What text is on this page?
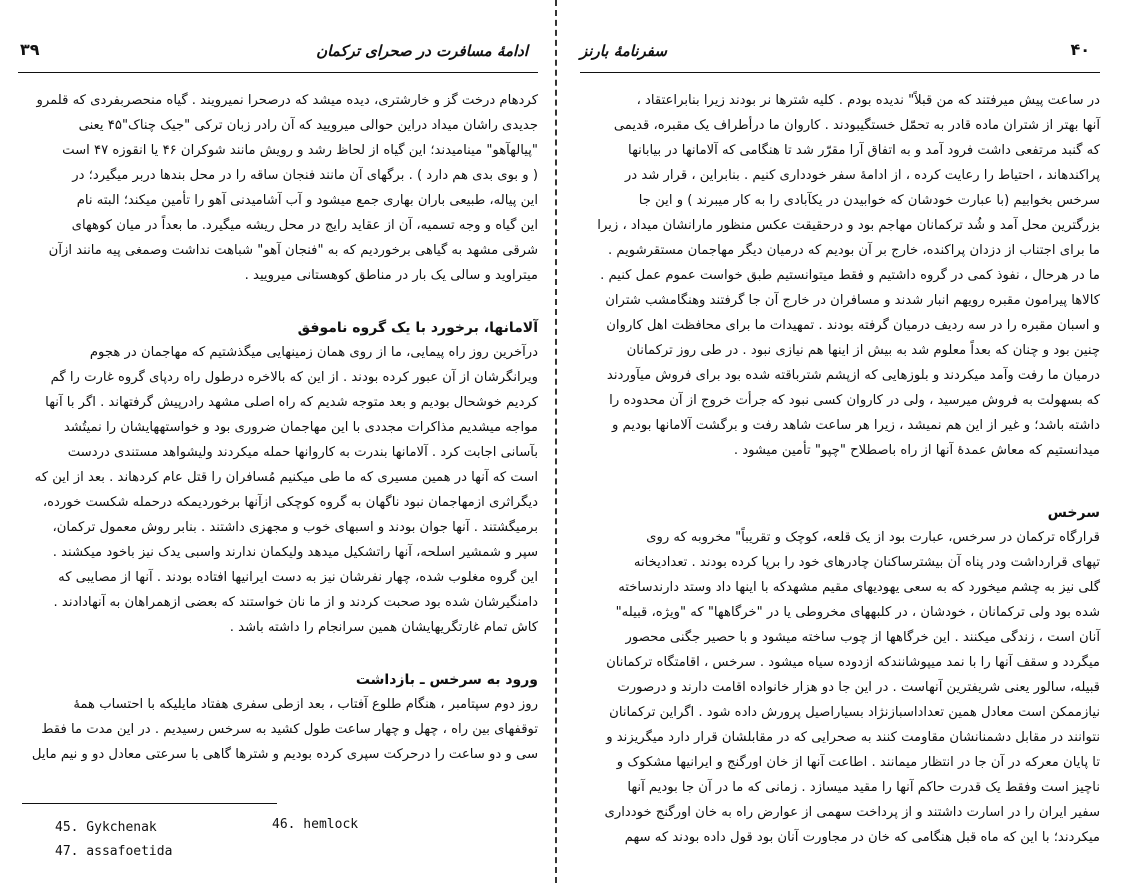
۳۹	ادامهٔ مسافرت در صحرای ترکمان

کردهام درخت گز و خارشتری، دیده میشد که درصحرا نمیرویند . گیاه منحصربفردی که قلمرو

جدیدی راشان میداد دراین حوالی میرویید که آن رادر زبان ترکی "جیک چناک"۴۵ یعنی

"پیالهآهو" مینامیدند؛ این گیاه از لحاظ رشد و رویش مانند شوکران ۴۶ یا انقوزه ۴۷ است

( و بوی بدی هم دارد ) . برگهای آن مانند فنجان ساقه را در محل بندها دربر میگیرد؛ در

این پیاله، طبیعی باران بهاری جمع میشود و آب آشامیدنی آهو را تأمین میکند؛ البته نام

این گیاه و وجه تسمیه، آن از عقاید رایج در محل ریشه میگیرد. ما بعداً در میان کوههای

شرقی مشهد به گیاهی برخوردیم که به "فنجان آهو" شباهت نداشت وصمغی پیه مانند ازآن

میتراوید و سالی یک بار در مناطق کوهستانی میرویید .

آلامانها، برخورد با یک گروه ناموفق

درآخرین روز راه پیمایی، ما از روی همان زمینهایی میگذشتیم که مهاجمان در هجوم

ویرانگرشان از آن عبور کرده بودند . از این که بالاخره درطول راه ردپای گروه غارت را گم

کردیم خوشحال بودیم و بعد متوجه شدیم که راه اصلی مشهد رادرپیش گرفتهاند . اگر با آنها

مواجه میشدیم مذاکرات مجددی با این مهاجمان ضروری بود و خواستههایشان را نمیتُشد

بآسانی اجابت کرد . آلامانها بندرت به کاروانها حمله میکردند ولیشواهد مستندی دردست

است که آنها در همین مسیری که ما طی میکنیم مُسافران را قتل عام کردهاند . بعد از این که

دیگراثری ازمهاجمان نبود ناگهان به گروه کوچکی ازآنها برخوردیمکه درحمله شکست خورده،

برمیگشتند . آنها جوان بودند و اسبهای خوب و مجهزی داشتند . بنابر روش معمول ترکمان،

سپر و شمشیر اسلحه، آنها راتشکیل میدهد ولیکمان ندارند واسبی یدک نیز باخود میکشند .

این گروه مغلوب شده، چهار نفرشان نیز به دست ایرانیها افتاده بودند . آنها از مصایبی که

دامنگیرشان شده بود صحبت کردند و از ما نان خواستند که بعضی ازهمراهان به آنهادادند .

کاش تمام غارتگریهایشان همین سرانجام را داشته باشد .

ورود به سرخس ـ بازداشت

روز دوم سپتامبر ، هنگام طلوع آفتاب ، بعد ازطی سفری هفتاد مایلیکه با احتساب همهٔ

توقفهای بین راه ، چهل و چهار ساعت طول کشید به سرخس رسیدیم . در این مدت ما فقط

سی و دو ساعت را درحرکت سپری کرده بودیم و شترها گاهی با سرعتی معادل دو و نیم مایل

45. Gykchenak	46. hemlock
47. assafoetida
سفرنامهٔ بارنز	۴۰

در ساعت پیش میرفتند که من قبلاً" ندیده بودم . کلیه شترها نر بودند زیرا بنابراعتقاد ،

آنها بهتر از شتران ماده قادر به تحمّل خستگیبودند . کاروان ما درأطراف یک مقبره، قدیمی

که گنبد مرتفعی داشت فرود آمد و به اتفاق آرا مقرّر شد تا هنگامی که آلامانها در بیابانها

پراکندهاند ، احتیاط را رعایت کرده ، از ادامهٔ سفر خودداری کنیم . بنابراین ، قرار شد در

سرخس بخوابیم (با عبارت خودشان که خوابیدن در یکآبادی را به کار میبرند ) و این جا

بزرگترین محل آمد و شُد ترکمانان مهاجم بود و درحقیقت عکس منظور مارانشان میداد ، زیرا

ما برای اجتناب از دزدان پراکنده، خارج بر آن بودیم که درمیان دیگر مهاجمان مستقرشویم .

ما در هرحال ، نفوذ کمی در گروه داشتیم و فقط میتوانستیم طبق خواست عموم عمل کنیم .

کالاها پیرامون مقبره رویهم انبار شدند و مسافران در خارج آن جا گرفتند وهنگامشب شتران

و اسبان مقبره را در سه ردیف درمیان گرفته بودند . تمهیدات ما برای محافظت اهل کاروان

چنین بود و چنان که بعداً معلوم شد به بیش از اینها هم نیازی نبود . در طی روز ترکمانان

درمیان ما رفت وآمد میکردند و بلوزهایی که ازپشم شترباقته شده بود برای فروش میآوردند

که بسهولت به فروش میرسید ، ولی در کاروان کسی نبود که جرأت خروج از آن محدوده را

داشته باشد؛ و غیر از این هم نمیشد ، زیرا هر ساعت شاهد رفت و برگشت آلامانها بودیم و

میدانستیم که معاش عمدهٔ آنها از راه باصطلاح "چپو" تأمین میشود .

سرخس

قرارگاه ترکمان در سرخس، عبارت بود از یک قلعه، کوچک و تقریباً" مخروبه که روی

تپهای قرارداشت ودر پناه آن بیشترساکنان چادرهای خود را برپا کرده بودند . تعدادیخانه

گلی نیز به چشم میخورد که به سعی یهودیهای مقیم مشهدکه با اینها داد وستد دارندساخته

شده بود ولی ترکمانان ، خودشان ، در کلبههای مخروطی یا در "خرگاهها" که "ویژه، قبیله"

آنان است ، زندگی میکنند . این خرگاهها از چوب ساخته میشود و با حصیر جگنی محصور

میگردد و سقف آنها را با نمد میپوشانندکه ازدوده سیاه میشود . سرخس ، اقامتگاه ترکمانان

قبیله، سالور یعنی شریفترین آنهاست . در این جا دو هزار خانواده اقامت دارند و درصورت

نیازممکن است معادل همین تعداداسبازنژاد بسیاراصیل پرورش داده شود . اگراین ترکمانان

نتوانند در مقابل دشمنانشان مقاومت کنند به صحرایی که در مقابلشان قرار دارد میگریزند و

تا پایان معرکه در آن جا در انتظار میمانند . اطاعت آنها از خان اورگنج و ایرانیها مشکوک و

ناچیز است وفقط یک قدرت حاکم آنها را مقید میسازد . زمانی که ما در آن جا بودیم آنها

سفیر ایران را در اسارت داشتند و از پرداخت سهمی از عوارض راه به خان اورگنج خودداری

میکردند؛ با این که ماه قبل هنگامی که خان در مجاورت آنان بود قول داده بودند که سهم
